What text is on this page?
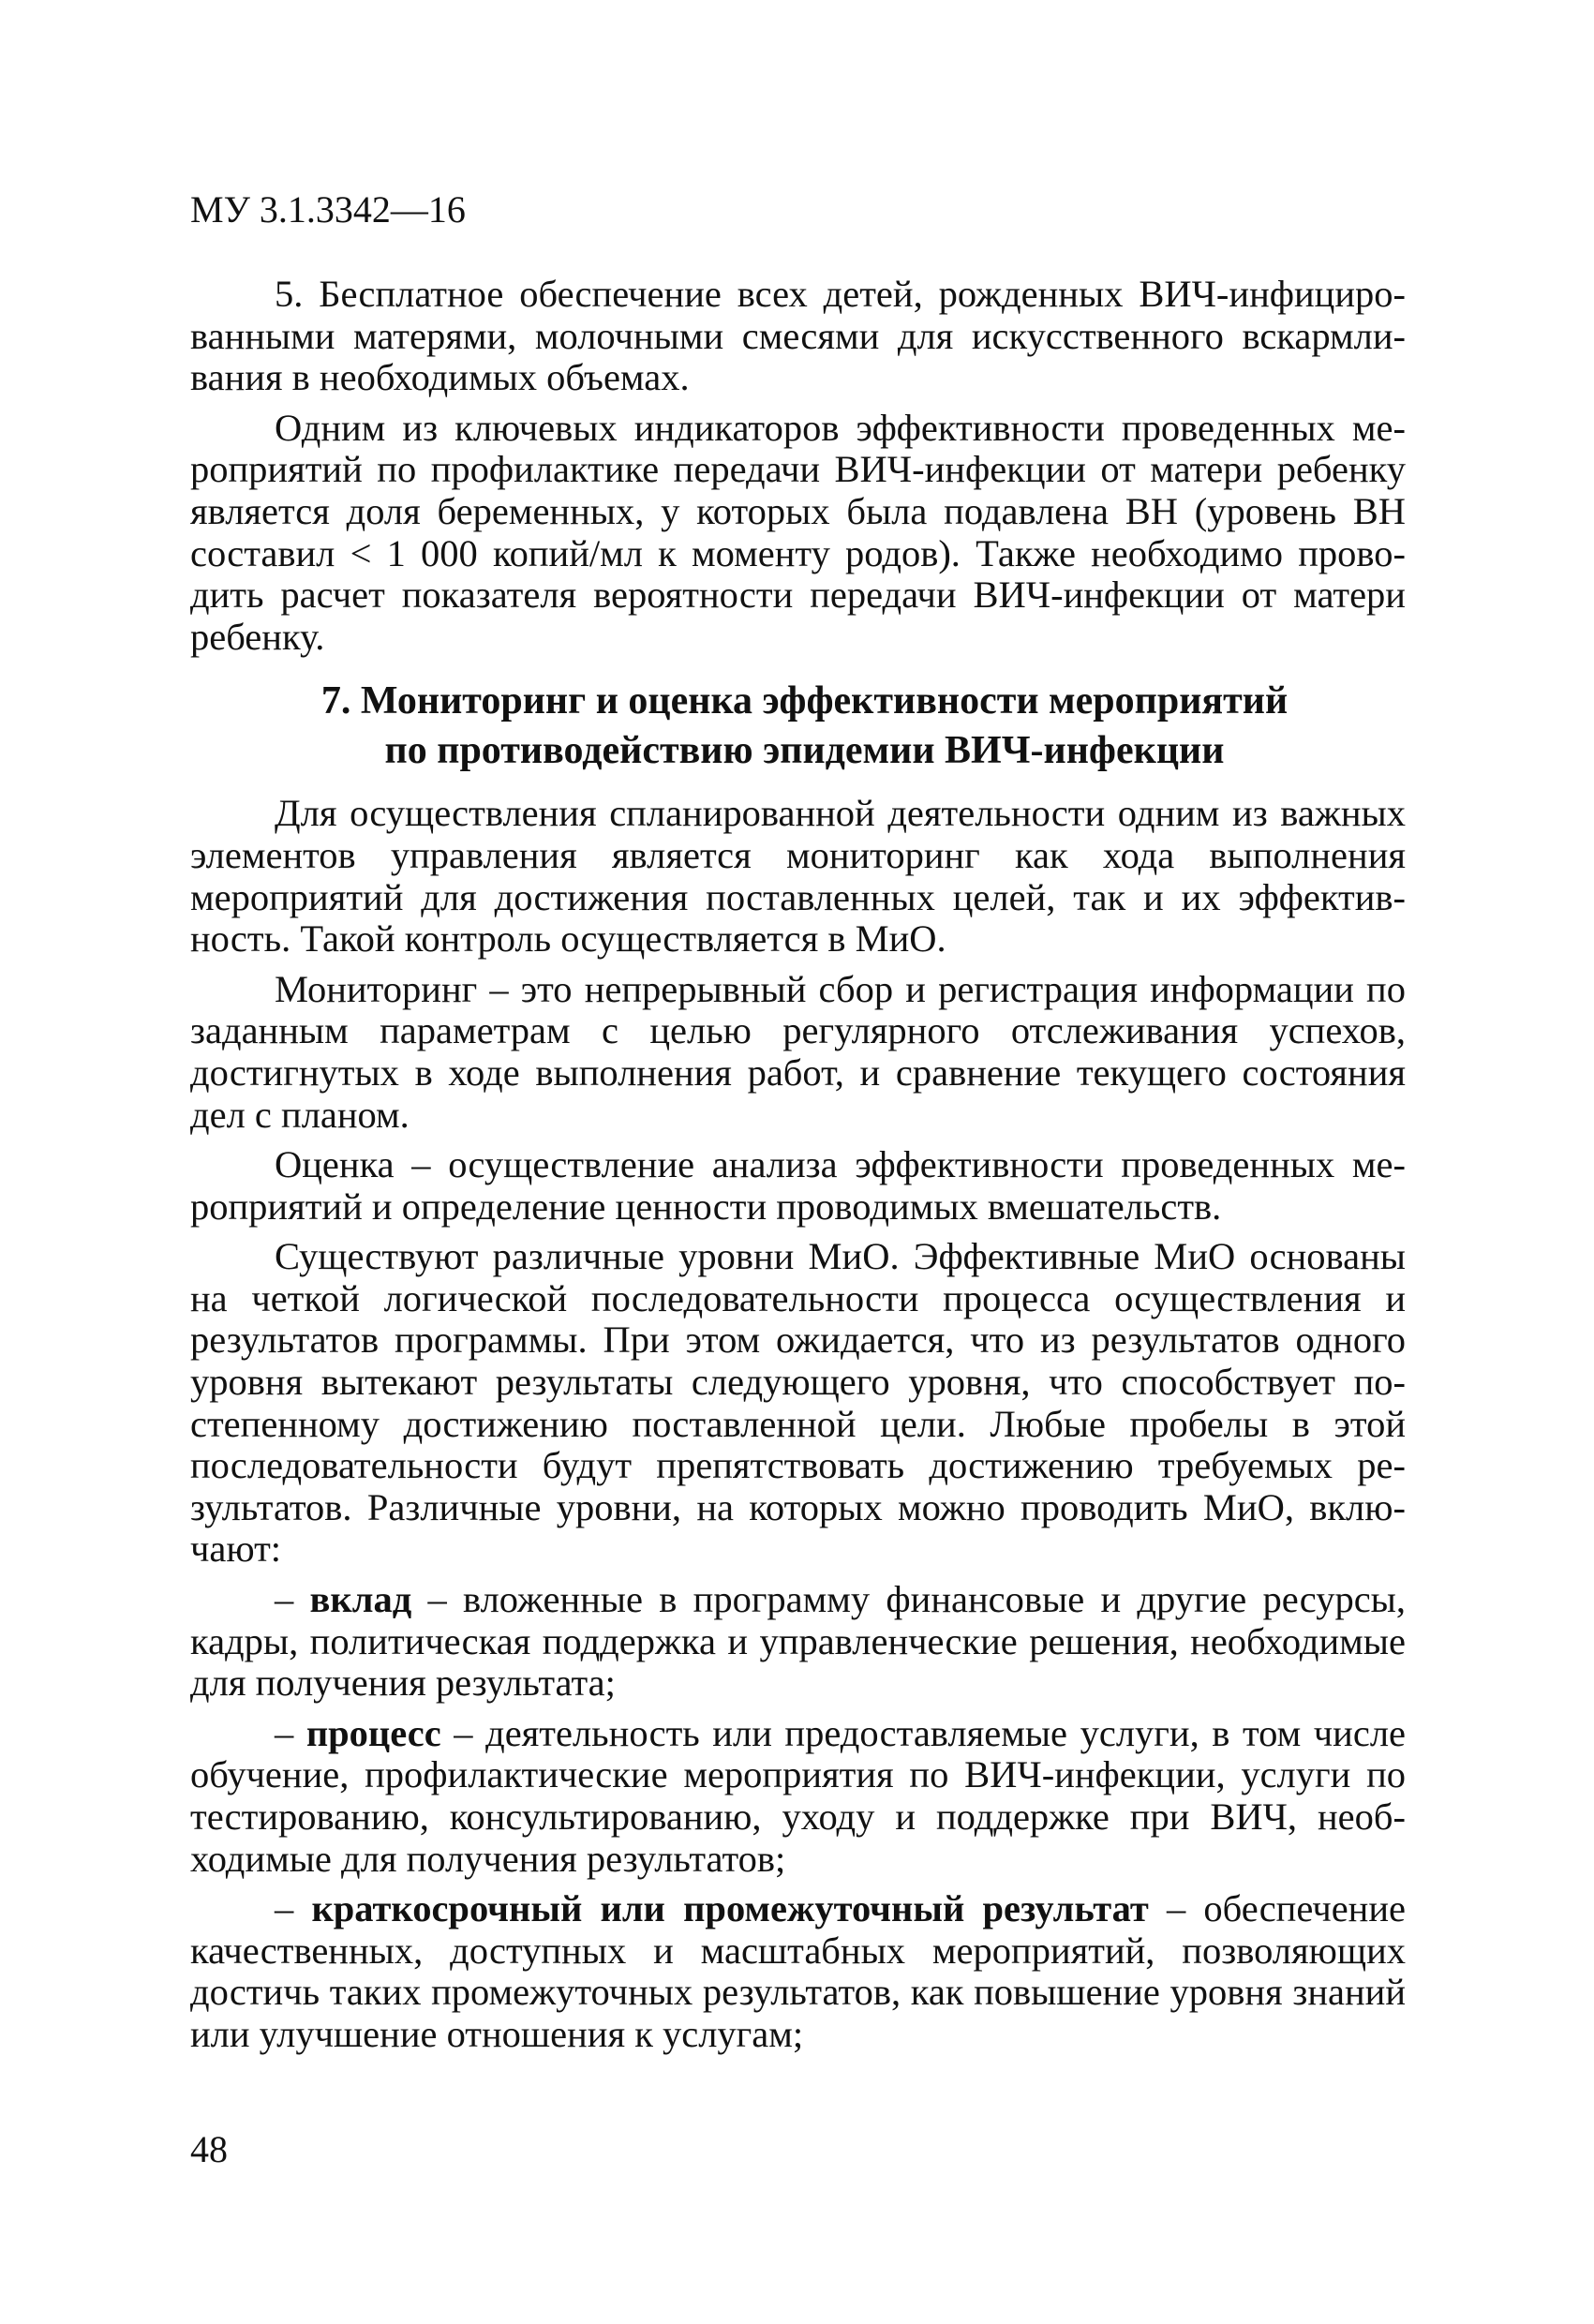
МУ 3.1.3342—16

5. Бесплатное обеспечение всех детей, рожденных ВИЧ-инфицированными матерями, молочными смесями для искусственного вскармливания в необходимых объемах.

Одним из ключевых индикаторов эффективности проведенных мероприятий по профилактике передачи ВИЧ-инфекции от матери ребенку является доля беременных, у которых была подавлена ВН (уровень ВН составил < 1 000 копий/мл к моменту родов). Также необходимо проводить расчет показателя вероятности передачи ВИЧ-инфекции от матери ребенку.

7. Мониторинг и оценка эффективности мероприятий
по противодействию эпидемии ВИЧ-инфекции

Для осуществления спланированной деятельности одним из важных элементов управления является мониторинг как хода выполнения мероприятий для достижения поставленных целей, так и их эффективность. Такой контроль осуществляется в МиО.

Мониторинг – это непрерывный сбор и регистрация информации по заданным параметрам с целью регулярного отслеживания успехов, достигнутых в ходе выполнения работ, и сравнение текущего состояния дел с планом.

Оценка – осуществление анализа эффективности проведенных мероприятий и определение ценности проводимых вмешательств.

Существуют различные уровни МиО. Эффективные МиО основаны на четкой логической последовательности процесса осуществления и результатов программы. При этом ожидается, что из результатов одного уровня вытекают результаты следующего уровня, что способствует постепенному достижению поставленной цели. Любые пробелы в этой последовательности будут препятствовать достижению требуемых результатов. Различные уровни, на которых можно проводить МиО, включают:

– вклад – вложенные в программу финансовые и другие ресурсы, кадры, политическая поддержка и управленческие решения, необходимые для получения результата;

– процесс – деятельность или предоставляемые услуги, в том числе обучение, профилактические мероприятия по ВИЧ-инфекции, услуги по тестированию, консультированию, уходу и поддержке при ВИЧ, необходимые для получения результатов;

– краткосрочный или промежуточный результат – обеспечение качественных, доступных и масштабных мероприятий, позволяющих достичь таких промежуточных результатов, как повышение уровня знаний или улучшение отношения к услугам;

48
